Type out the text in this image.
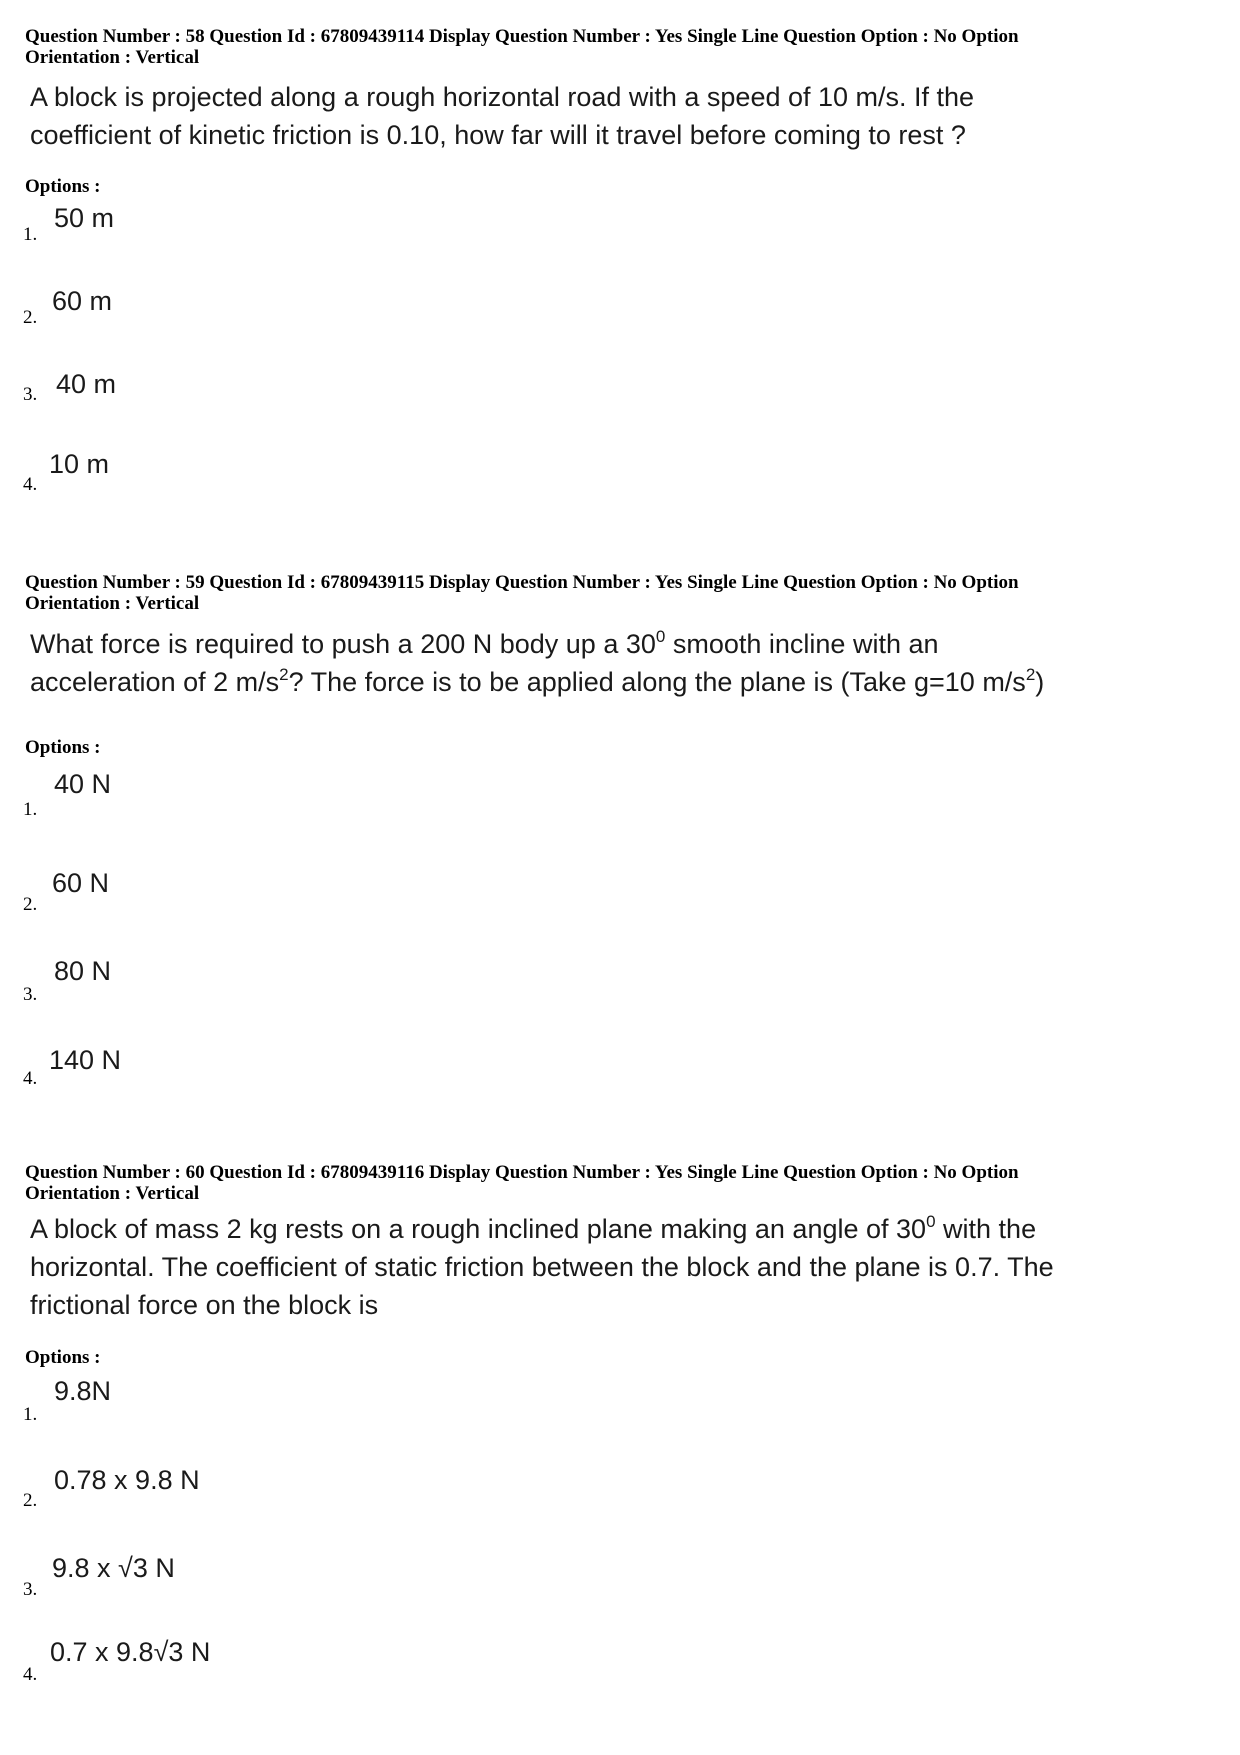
Question Number : 58 Question Id : 67809439114 Display Question Number : Yes Single Line Question Option : No Option
Orientation : Vertical
A block is projected along a rough horizontal road with a speed of 10 m/s. If the
coefficient of kinetic friction is 0.10, how far will it travel before coming to rest ?
Options :
50 m
1.
60 m
2.
40 m
3.
10 m
4.
Question Number : 59 Question Id : 67809439115 Display Question Number : Yes Single Line Question Option : No Option
Orientation : Vertical
What force is required to push a 200 N body up a $30^0$ smooth incline with an
acceleration of 2 $m/s^2$? The force is to be applied along the plane is (Take g=10 $m/s^2$)
Options :
40 N
1.
60 N
2.
80 N
3.
140 N
4.
Question Number : 60 Question Id : 67809439116 Display Question Number : Yes Single Line Question Option : No Option
Orientation : Vertical
A block of mass 2 kg rests on a rough inclined plane making an angle of $30^0$ with the
horizontal. The coefficient of static friction between the block and the plane is 0.7. The
frictional force on the block is
Options :
9.8N
1.
0.78 x 9.8 N
2.
9.8 x √3 N
3.
0.7 x 9.8√3 N
4.
